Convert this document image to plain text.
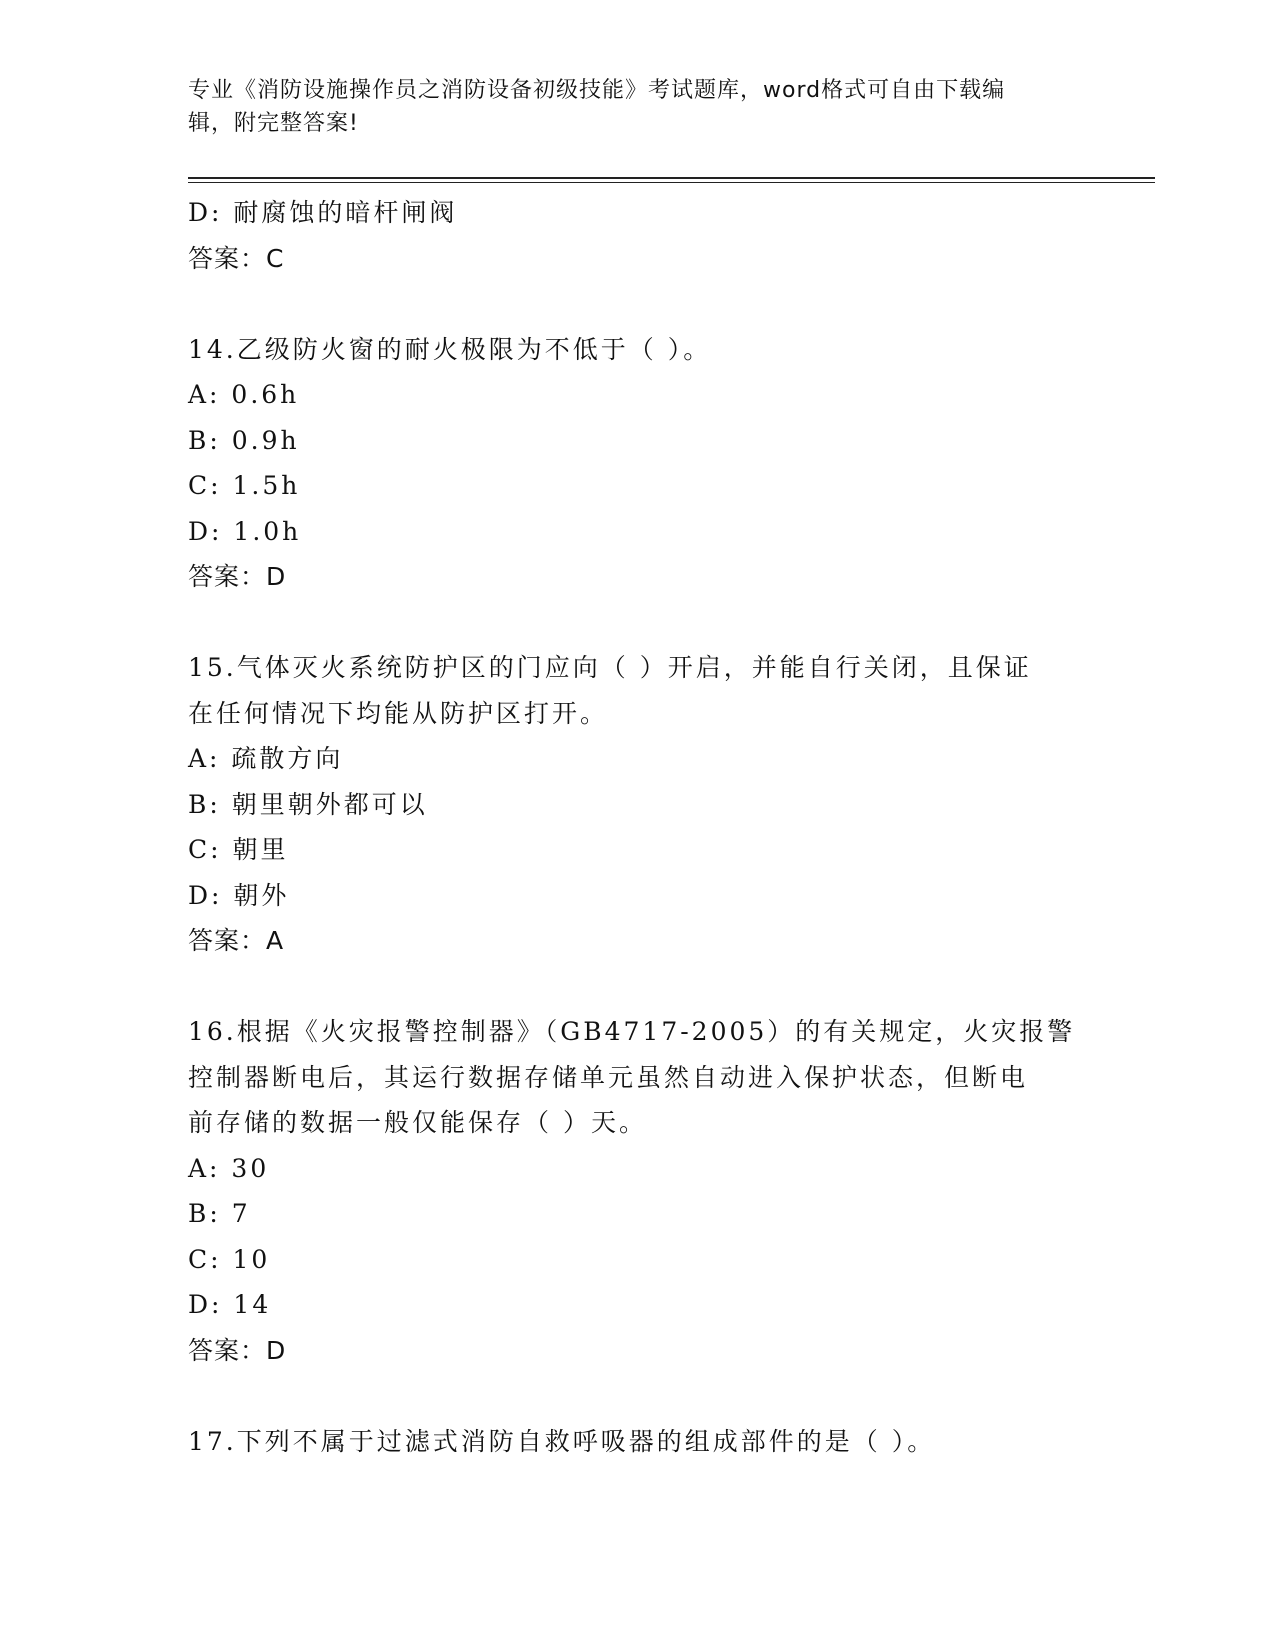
专业《消防设施操作员之消防设备初级技能》考试题库，word格式可自由下载编
辑，附完整答案!
D: 耐腐蚀的暗杆闸阀
答案：C
14.乙级防火窗的耐火极限为不低于（ ）。
A: 0.6h
B: 0.9h
C: 1.5h
D: 1.0h
答案：D
15.气体灭火系统防护区的门应向（ ）开启，并能自行关闭，且保证
在任何情况下均能从防护区打开。
A: 疏散方向
B: 朝里朝外都可以
C: 朝里
D: 朝外
答案：A
16.根据《火灾报警控制器》（GB4717-2005）的有关规定，火灾报警
控制器断电后，其运行数据存储单元虽然自动进入保护状态，但断电
前存储的数据一般仅能保存（ ）天。
A: 30
B: 7
C: 10
D: 14
答案：D
17.下列不属于过滤式消防自救呼吸器的组成部件的是（ ）。
